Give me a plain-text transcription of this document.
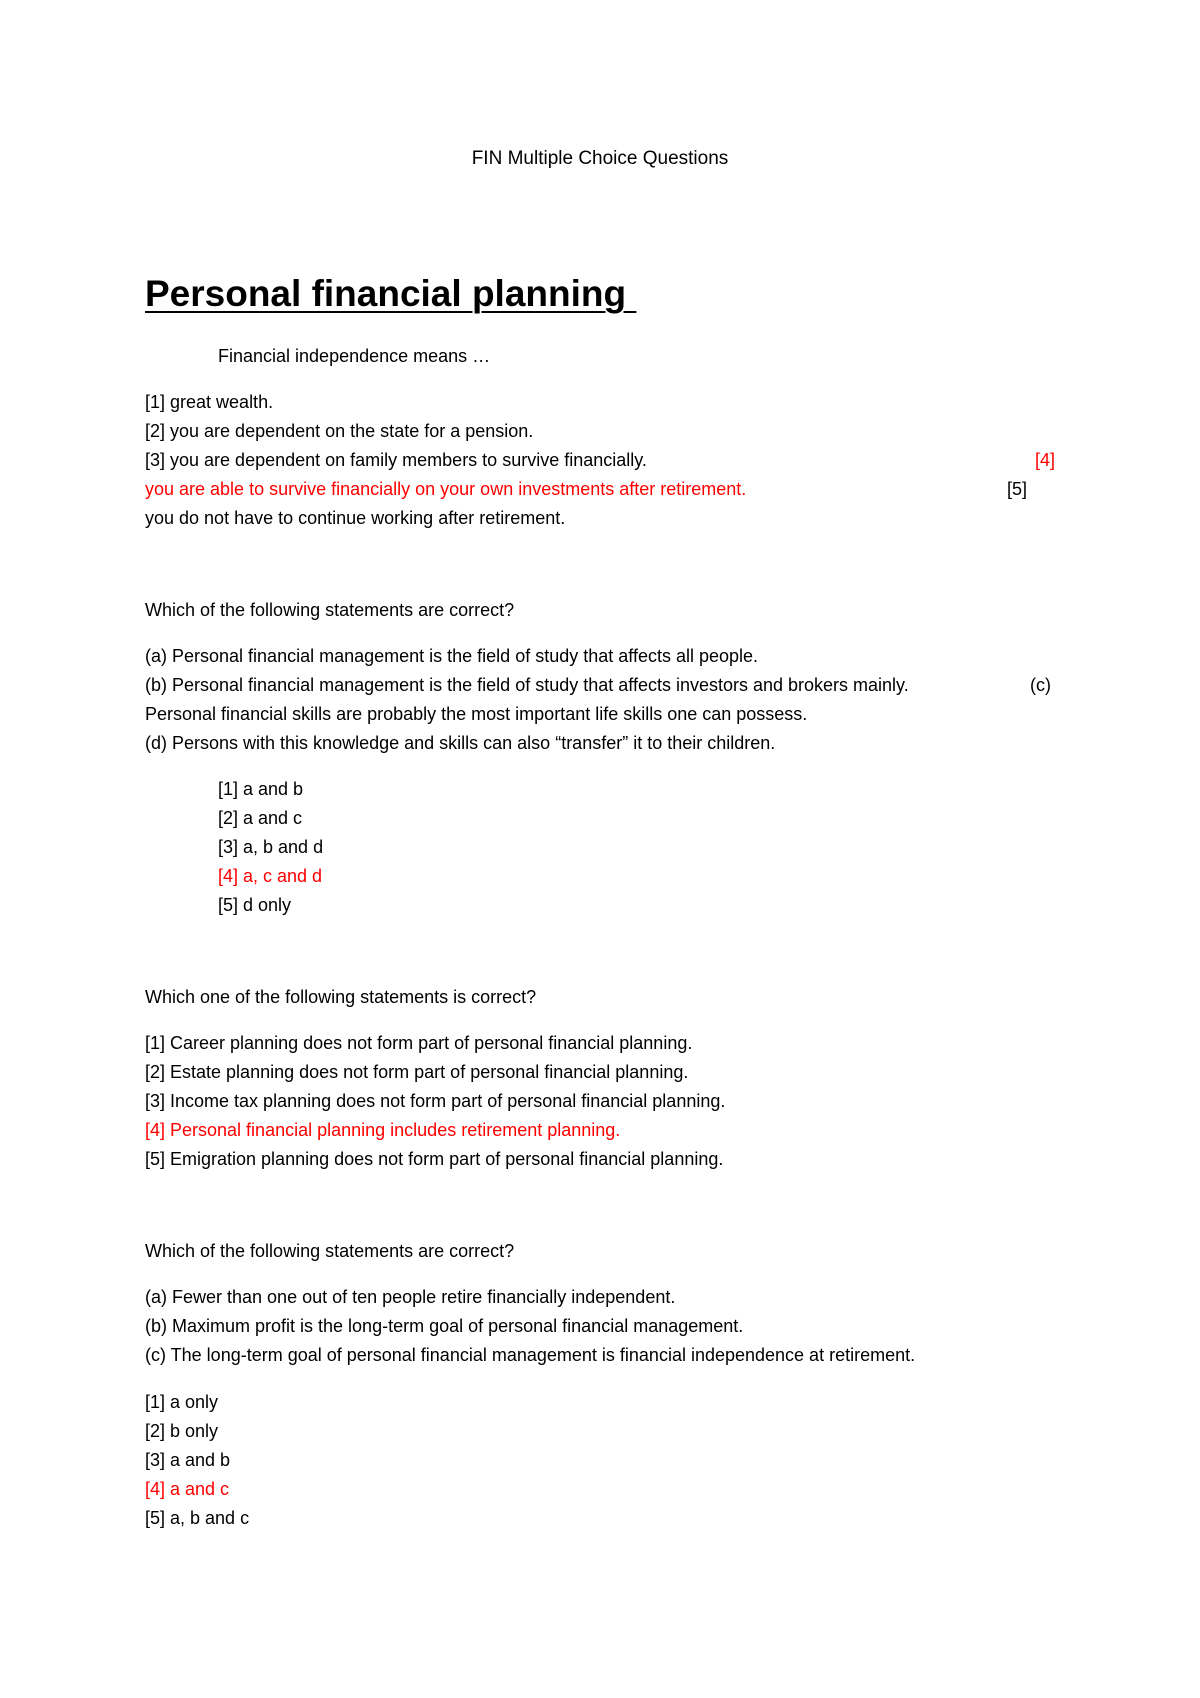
FIN Multiple Choice Questions
Personal financial planning
Financial independence means …
[1] great wealth.
[2] you are dependent on the state for a pension.
[3] you are dependent on family members to survive financially.	[4]
you are able to survive financially on your own investments after retirement.	[5]
you do not have to continue working after retirement.
Which of the following statements are correct?
(a) Personal financial management is the field of study that affects all people.
(b) Personal financial management is the field of study that affects investors and brokers mainly.	(c)
Personal financial skills are probably the most important life skills one can possess.
(d) Persons with this knowledge and skills can also “transfer” it to their children.
[1] a and b
[2] a and c
[3] a, b and d
[4] a, c and d
[5] d only
Which one of the following statements is correct?
[1] Career planning does not form part of personal financial planning.
[2] Estate planning does not form part of personal financial planning.
[3] Income tax planning does not form part of personal financial planning.
[4] Personal financial planning includes retirement planning.
[5] Emigration planning does not form part of personal financial planning.
Which of the following statements are correct?
(a) Fewer than one out of ten people retire financially independent.
(b) Maximum profit is the long-term goal of personal financial management.
(c) The long-term goal of personal financial management is financial independence at retirement.
[1] a only
[2] b only
[3] a and b
[4] a and c
[5] a, b and c
